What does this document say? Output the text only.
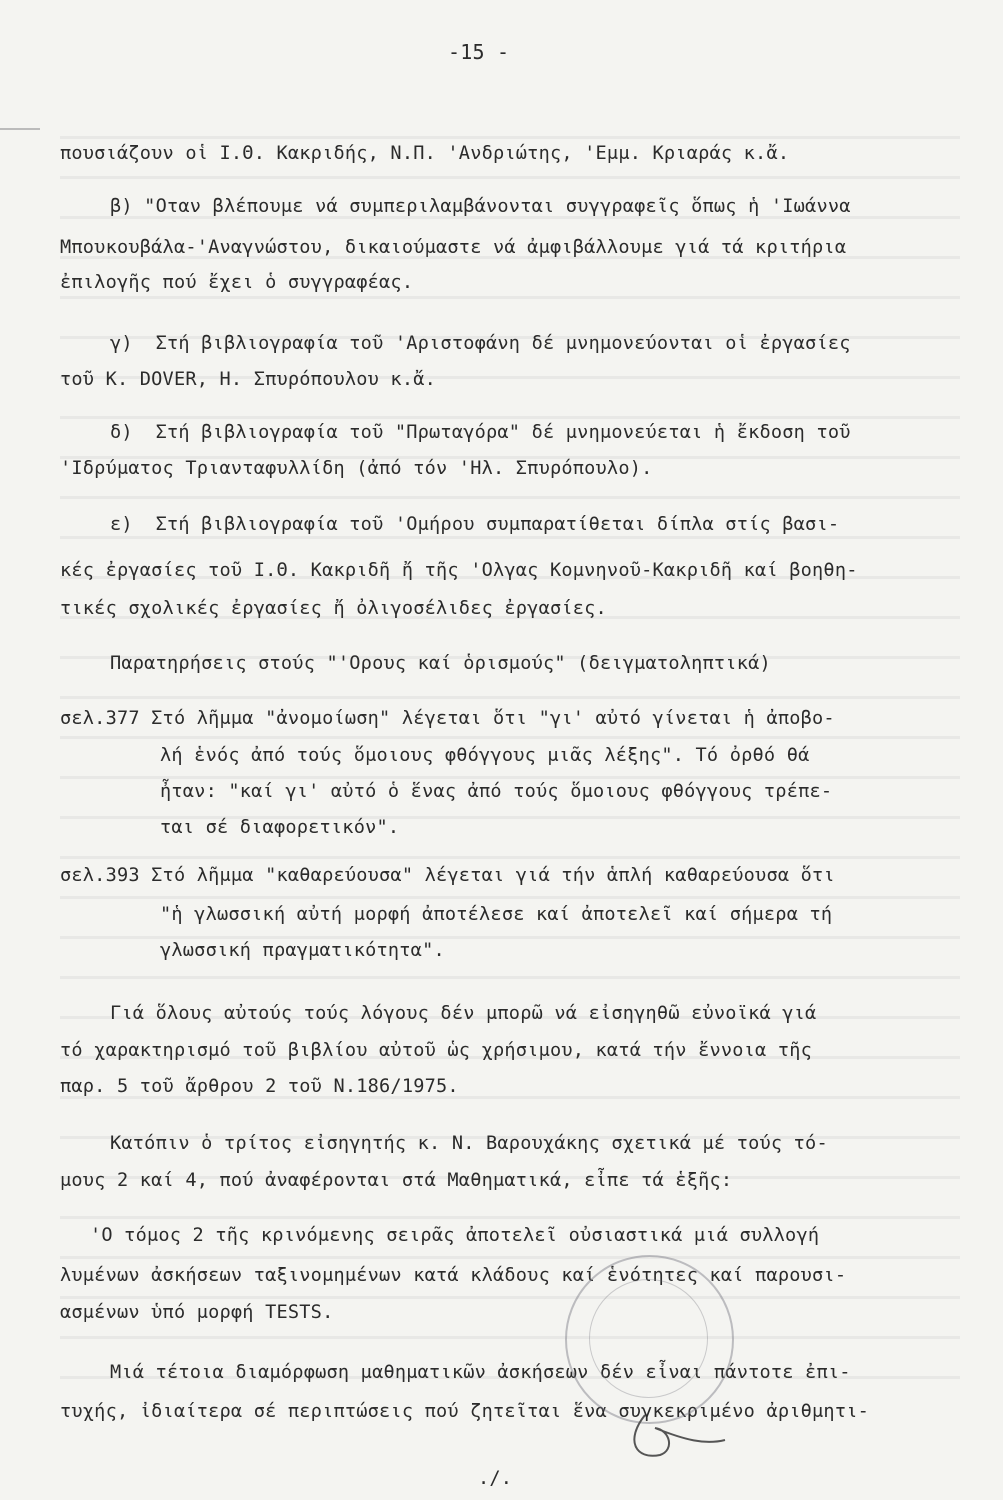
-15 -
πουσιάζουν οἱ Ι.Θ. Κακριδής, Ν.Π. 'Ανδριώτης, 'Εμμ. Κριαράς κ.ἄ.
β) "Οταν βλέπουμε νά συμπεριλαμβάνονται συγγραφεῖς ὅπως ἡ 'Ιωάννα
Μπουκουβάλα-'Αναγνώστου, δικαιούμαστε νά ἀμφιβάλλουμε γιά τά κριτήρια
ἐπιλογῆς πού ἔχει ὁ συγγραφέας.
γ)  Στή βιβλιογραφία τοῦ 'Αριστοφάνη δέ μνημονεύονται οἱ ἐργασίες
τοῦ K. DOVER, Η. Σπυρόπουλου κ.ἄ.
δ)  Στή βιβλιογραφία τοῦ "Πρωταγόρα" δέ μνημονεύεται ἡ ἔκδοση τοῦ
'Ιδρύματος Τριανταφυλλίδη (ἀπό τόν 'Ηλ. Σπυρόπουλο).
ε)  Στή βιβλιογραφία τοῦ 'Ομήρου συμπαρατίθεται δίπλα στίς βασι-
κές ἐργασίες τοῦ Ι.Θ. Κακριδῆ ἤ τῆς 'Ολγας Κομνηνοῦ-Κακριδῆ καί βοηθη-
τικές σχολικές ἐργασίες ἤ ὀλιγοσέλιδες ἐργασίες.
Παρατηρήσεις στούς "'Ορους καί ὁρισμούς" (δειγματοληπτικά)
σελ.377 Στό λῆμμα "ἀνομοίωση" λέγεται ὅτι "γι' αὐτό γίνεται ἡ ἀποβο-
λή ἑνός ἀπό τούς ὅμοιους φθόγγους μιᾶς λέξης". Τό ὀρθό θά
ἦταν: "καί γι' αὐτό ὁ ἕνας ἀπό τούς ὅμοιους φθόγγους τρέπε-
ται σέ διαφορετικόν".
σελ.393 Στό λῆμμα "καθαρεύουσα" λέγεται γιά τήν ἁπλή καθαρεύουσα ὅτι
"ἡ γλωσσική αὐτή μορφή ἀποτέλεσε καί ἀποτελεῖ καί σήμερα τή
γλωσσική πραγματικότητα".
Γιά ὅλους αὐτούς τούς λόγους δέν μπορῶ νά εἰσηγηθῶ εὐνοϊκά γιά
τό χαρακτηρισμό τοῦ βιβλίου αὐτοῦ ὡς χρήσιμου, κατά τήν ἔννοια τῆς
παρ. 5 τοῦ ἄρθρου 2 τοῦ Ν.186/1975.
Κατόπιν ὁ τρίτος εἰσηγητής κ. Ν. Βαρουχάκης σχετικά μέ τούς τό-
μους 2 καί 4, πού ἀναφέρονται στά Μαθηματικά, εἶπε τά ἑξῆς:
'Ο τόμος 2 τῆς κρινόμενης σειρᾶς ἀποτελεῖ οὐσιαστικά μιά συλλογή
λυμένων ἀσκήσεων ταξινομημένων κατά κλάδους καί ἑνότητες καί παρουσι-
ασμένων ὑπό μορφή TESTS.
Μιά τέτοια διαμόρφωση μαθηματικῶν ἀσκήσεων δέν εἶναι πάντοτε ἐπι-
τυχής, ἰδιαίτερα σέ περιπτώσεις πού ζητεῖται ἕνα συγκεκριμένο ἀριθμητι-
./.
